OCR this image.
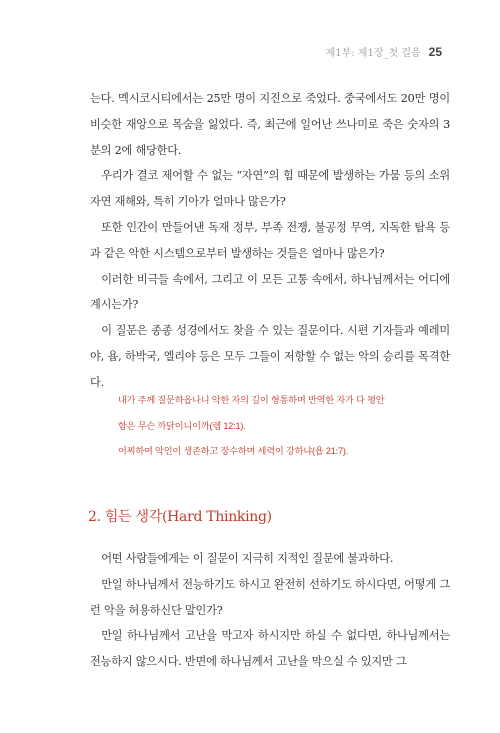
제1부: 제1장_첫 걸음 25

는다. 멕시코시티에서는 25만 명이 지진으로 죽었다. 중국에서도 20만 명이 비슷한 재앙으로 목숨을 잃었다. 즉, 최근에 일어난 쓰나미로 죽은 숫자의 3분의 2에 해당한다.

우리가 결코 제어할 수 없는 “자연”의 힘 때문에 발생하는 가뭄 등의 소위 자연 재해와, 특히 기아가 얼마나 많은가?

또한 인간이 만들어낸 독재 정부, 부족 전쟁, 불공정 무역, 지독한 탐욕 등과 같은 악한 시스템으로부터 발생하는 것들은 얼마나 많은가?

이러한 비극들 속에서, 그리고 이 모든 고통 속에서, 하나님께서는 어디에 계시는가?

이 질문은 종종 성경에서도 찾을 수 있는 질문이다. 시편 기자들과 예레미야, 욥, 하박국, 엘리야 등은 모두 그들이 저항할 수 없는 악의 승리를 목격한다.

내가 주께 질문하옵나니 악한 자의 길이 형통하며 반역한 자가 다 평안

함은 무슨 까닭이니이까(렘 12:1).

어찌하여 악인이 생존하고 장수하며 세력이 강하냐(욥 21:7).

2. 힘든 생각(Hard Thinking)

어떤 사람들에게는 이 질문이 지극히 지적인 질문에 불과하다.

만일 하나님께서 전능하기도 하시고 완전히 선하기도 하시다면, 어떻게 그런 악을 허용하신단 말인가?

만일 하나님께서 고난을 막고자 하시지만 하실 수 없다면, 하나님께서는 전능하지 않으시다. 반면에 하나님께서 고난을 막으실 수 있지만 그
